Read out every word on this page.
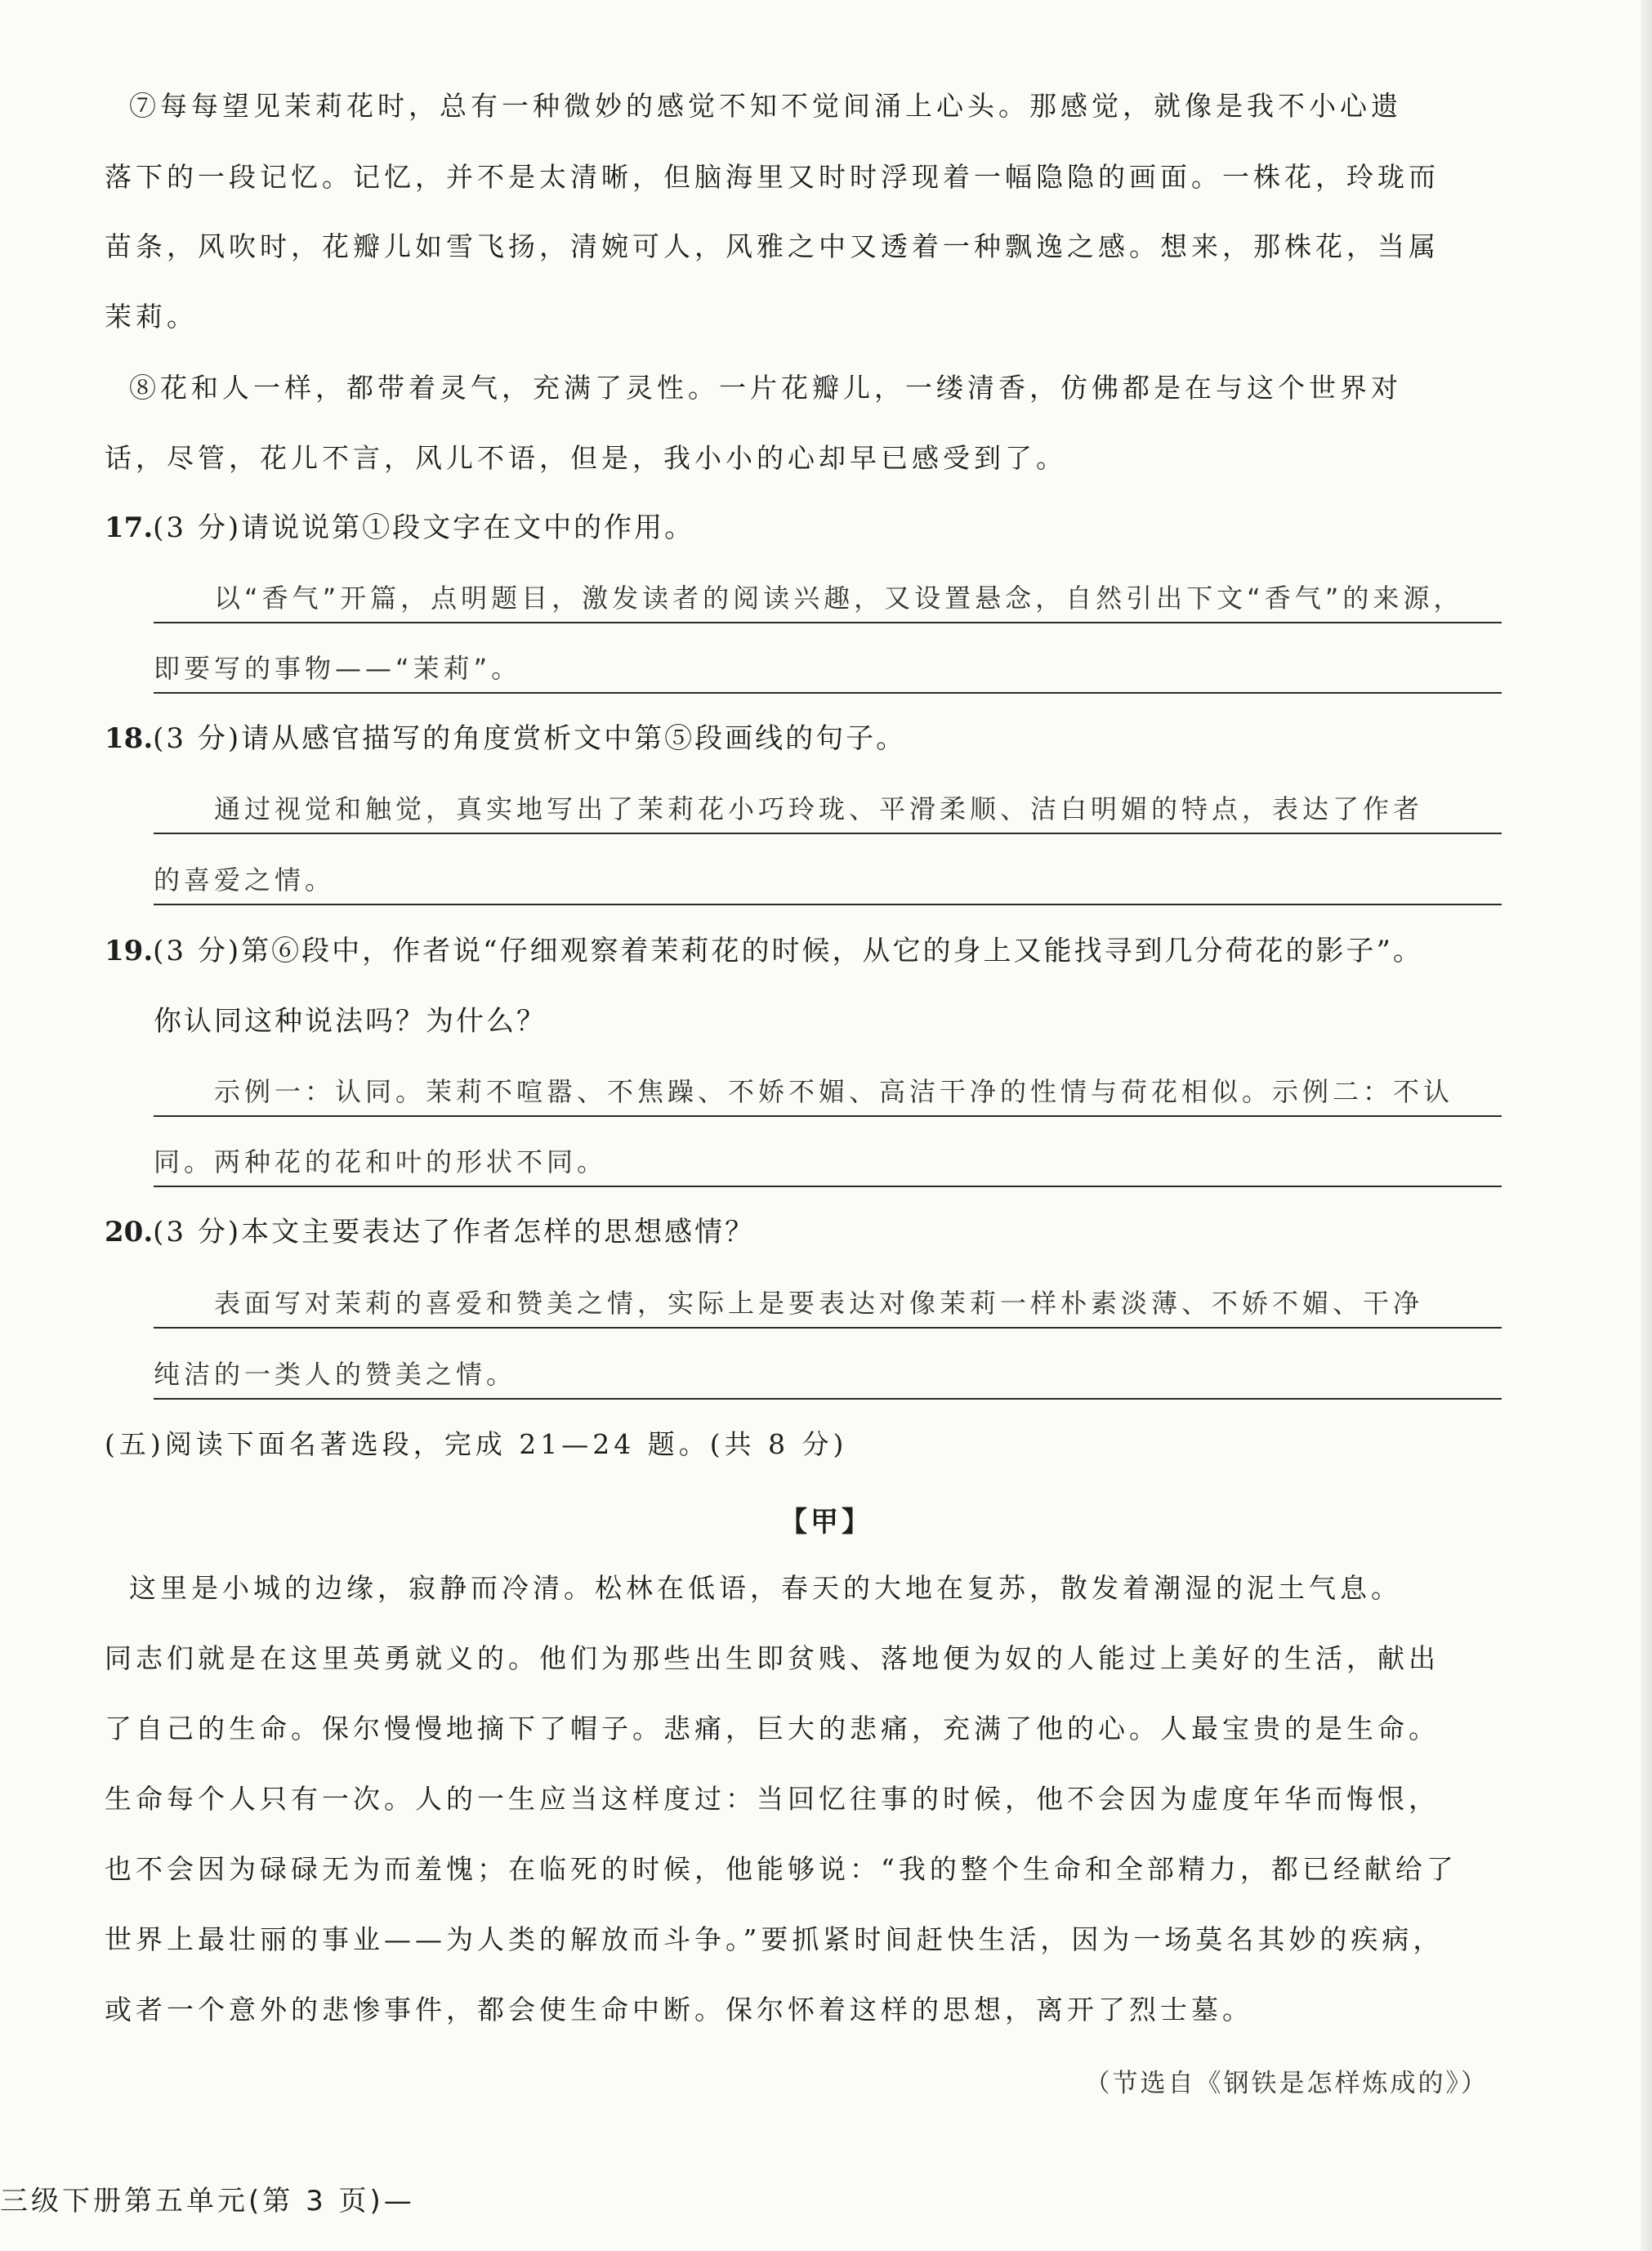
⑦每每望见茉莉花时，总有一种微妙的感觉不知不觉间涌上心头。那感觉，就像是我不小心遗
落下的一段记忆。记忆，并不是太清晰，但脑海里又时时浮现着一幅隐隐的画面。一株花，玲珑而
苗条，风吹时，花瓣儿如雪飞扬，清婉可人，风雅之中又透着一种飘逸之感。想来，那株花，当属
茉莉。
⑧花和人一样，都带着灵气，充满了灵性。一片花瓣儿，一缕清香，仿佛都是在与这个世界对
话，尽管，花儿不言，风儿不语，但是，我小小的心却早已感受到了。
17.(3 分)请说说第①段文字在文中的作用。
以“香气”开篇，点明题目，激发读者的阅读兴趣，又设置悬念，自然引出下文“香气”的来源，
即要写的事物——“茉莉”。
18.(3 分)请从感官描写的角度赏析文中第⑤段画线的句子。
通过视觉和触觉，真实地写出了茉莉花小巧玲珑、平滑柔顺、洁白明媚的特点，表达了作者
的喜爱之情。
19.(3 分)第⑥段中，作者说“仔细观察着茉莉花的时候，从它的身上又能找寻到几分荷花的影子”。
你认同这种说法吗？为什么？
示例一：认同。茉莉不喧嚣、不焦躁、不娇不媚、高洁干净的性情与荷花相似。示例二：不认
同。两种花的花和叶的形状不同。
20.(3 分)本文主要表达了作者怎样的思想感情？
表面写对茉莉的喜爱和赞美之情，实际上是要表达对像茉莉一样朴素淡薄、不娇不媚、干净
纯洁的一类人的赞美之情。
(五)阅读下面名著选段，完成 21—24 题。(共 8 分)
【甲】
这里是小城的边缘，寂静而冷清。松林在低语，春天的大地在复苏，散发着潮湿的泥土气息。
同志们就是在这里英勇就义的。他们为那些出生即贫贱、落地便为奴的人能过上美好的生活，献出
了自己的生命。保尔慢慢地摘下了帽子。悲痛，巨大的悲痛，充满了他的心。人最宝贵的是生命。
生命每个人只有一次。人的一生应当这样度过：当回忆往事的时候，他不会因为虚度年华而悔恨，
也不会因为碌碌无为而羞愧；在临死的时候，他能够说：“我的整个生命和全部精力，都已经献给了
世界上最壮丽的事业——为人类的解放而斗争。”要抓紧时间赶快生活，因为一场莫名其妙的疾病，
或者一个意外的悲惨事件，都会使生命中断。保尔怀着这样的思想，离开了烈士墓。
（节选自《钢铁是怎样炼成的》）
三级下册第五单元(第 3 页)—
